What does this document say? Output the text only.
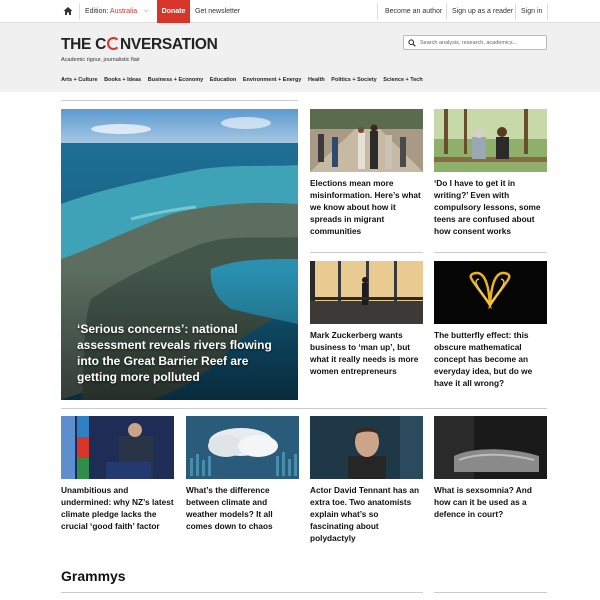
Edition: Australia ⌵	Donate	Get newsletter	Become an author Sign up as a reader Sign in
THE C NVERSATION
Academic rigour, journalistic flair
Search analysis, research, academics...
Arts + Culture Books + Ideas Business + Economy Education Environment + Energy Health Politics + Society Science + Tech
‘Serious concerns’: national assessment reveals rivers flowing into the Great Barrier Reef are getting more polluted
Elections mean more misinformation. Here’s what we know about how it spreads in migrant communities
‘Do I have to get it in writing?’ Even with compulsory lessons, some teens are confused about how consent works
Mark Zuckerberg wants business to ‘man up’, but what it really needs is more women entrepreneurs
The butterfly effect: this obscure mathematical concept has become an everyday idea, but do we have it all wrong?
Unambitious and undermined: why NZ’s latest climate pledge lacks the crucial ‘good faith’ factor
What’s the difference between climate and weather models? It all comes down to chaos
Actor David Tennant has an extra toe. Two anatomists explain what’s so fascinating about polydactyly
What is sexsomnia? And how can it be used as a defence in court?
Grammys
